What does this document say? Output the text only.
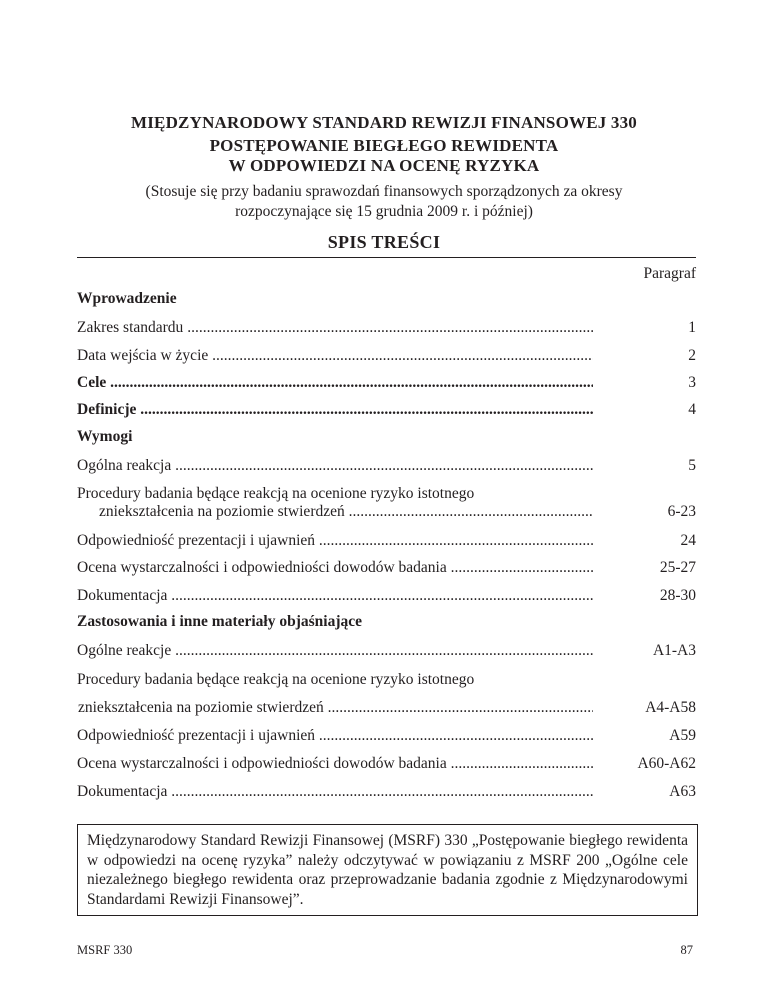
MIĘDZYNARODOWY STANDARD REWIZJI FINANSOWEJ 330
POSTĘPOWANIE BIEGŁEGO REWIDENTA
W ODPOWIEDZI NA OCENĘ RYZYKA
(Stosuje się przy badaniu sprawozdań finansowych sporządzonych za okresy
rozpoczynające się 15 grudnia 2009 r. i później)
SPIS TREŚCI
Paragraf
Wprowadzenie
Zakres standardu .....	1
Data wejścia w życie .....	2
Cele .....	3
Definicje .....	4
Wymogi
Ogólna reakcja .....	5
Procedury badania będące reakcją na ocenione ryzyko istotnego
zniekształcenia na poziomie stwierdzeń .....	6-23
Odpowiedniość prezentacji i ujawnień .....	24
Ocena wystarczalności i odpowiedniości dowodów badania .....	25-27
Dokumentacja .....	28-30
Zastosowania i inne materiały objaśniające
Ogólne reakcje .....	A1-A3
Procedury badania będące reakcją na ocenione ryzyko istotnego
zniekształcenia na poziomie stwierdzeń .....	A4-A58
Odpowiedniość prezentacji i ujawnień .....	A59
Ocena wystarczalności i odpowiedniości dowodów badania .....	A60-A62
Dokumentacja .....	A63
Międzynarodowy Standard Rewizji Finansowej (MSRF) 330 „Postępowanie biegłego rewidenta w odpowiedzi na ocenę ryzyka” należy odczytywać w powiązaniu z MSRF 200 „Ogólne cele niezależnego biegłego rewidenta oraz przeprowadzanie badania zgodnie z Międzynarodowymi Standardami Rewizji Finansowej”.
MSRF 330	87
